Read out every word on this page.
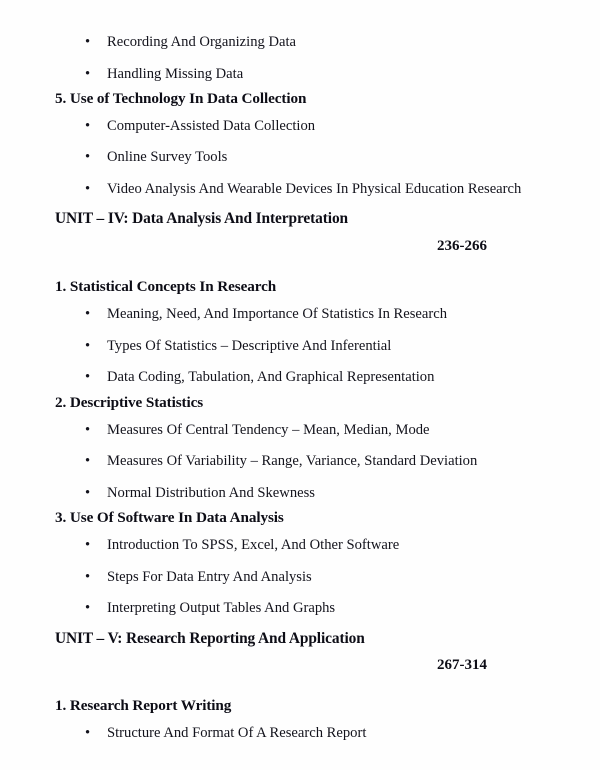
•	Recording And Organizing Data
•	Handling Missing Data
5. Use of Technology In Data Collection
•	Computer-Assisted Data Collection
•	Online Survey Tools
•	Video Analysis And Wearable Devices In Physical Education Research
UNIT – IV: Data Analysis And Interpretation
236-266
1. Statistical Concepts In Research
•	Meaning, Need, And Importance Of Statistics In Research
•	Types Of Statistics – Descriptive And Inferential
•	Data Coding, Tabulation, And Graphical Representation
2. Descriptive Statistics
•	Measures Of Central Tendency – Mean, Median, Mode
•	Measures Of Variability – Range, Variance, Standard Deviation
•	Normal Distribution And Skewness
3. Use Of Software In Data Analysis
•	Introduction To SPSS, Excel, And Other Software
•	Steps For Data Entry And Analysis
•	Interpreting Output Tables And Graphs
UNIT – V: Research Reporting And Application
267-314
1. Research Report Writing
•	Structure And Format Of A Research Report
